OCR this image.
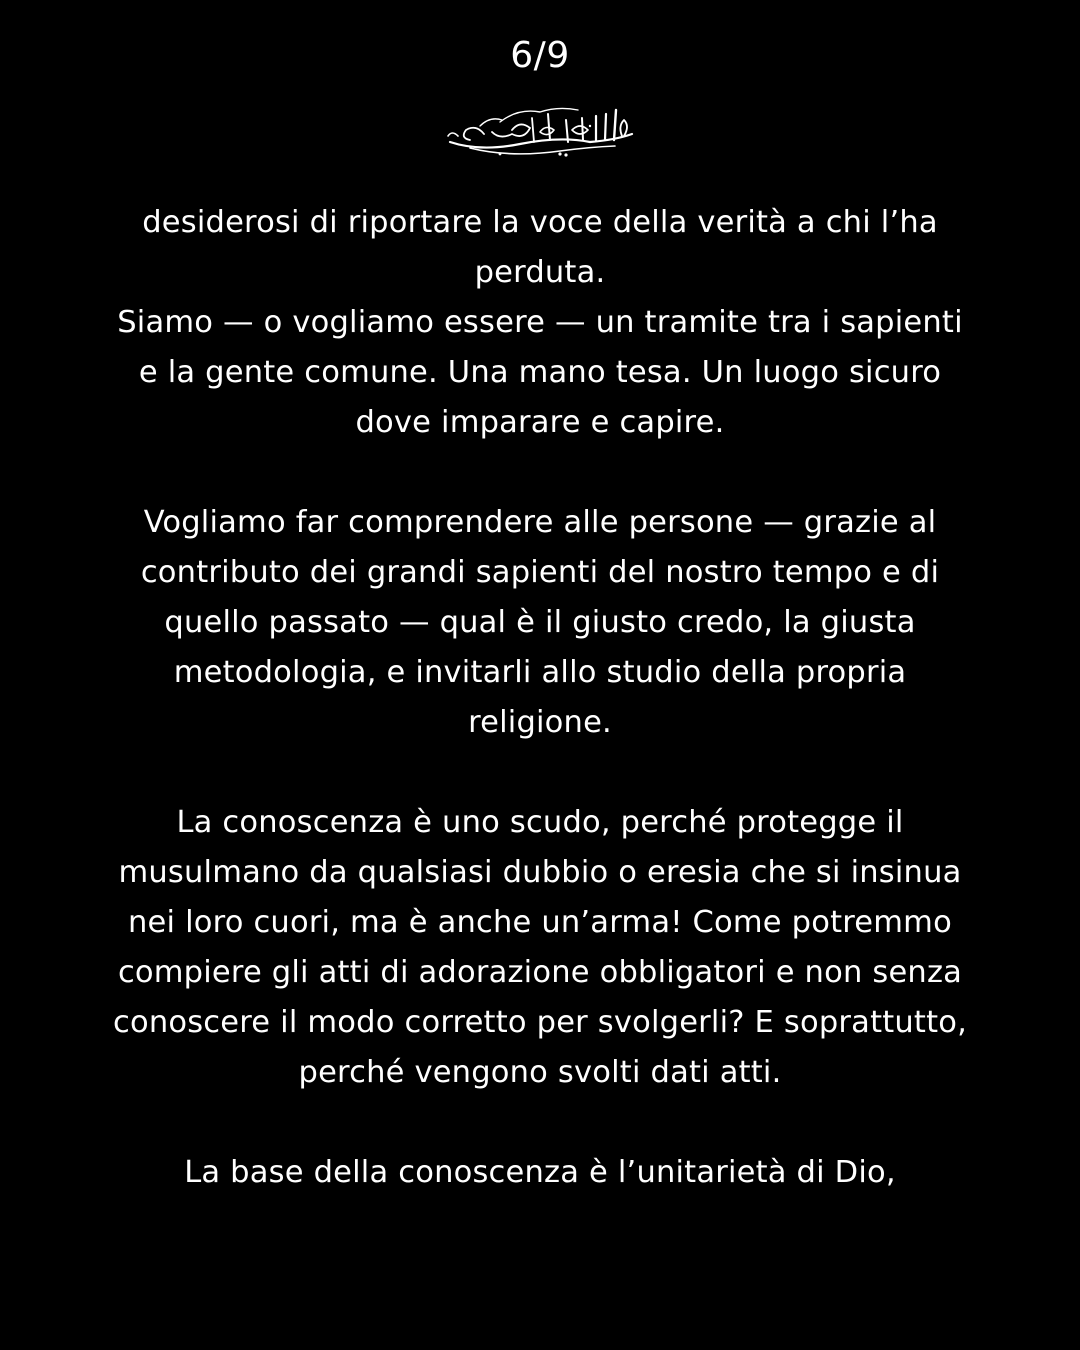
6/9

desiderosi di riportare la voce della verità a chi l’ha
perduta.
Siamo — o vogliamo essere — un tramite tra i sapienti
e la gente comune. Una mano tesa. Un luogo sicuro
dove imparare e capire.

Vogliamo far comprendere alle persone — grazie al
contributo dei grandi sapienti del nostro tempo e di
quello passato — qual è il giusto credo, la giusta
metodologia, e invitarli allo studio della propria
religione.

La conoscenza è uno scudo, perché protegge il
musulmano da qualsiasi dubbio o eresia che si insinua
nei loro cuori, ma è anche un’arma! Come potremmo
compiere gli atti di adorazione obbligatori e non senza
conoscere il modo corretto per svolgerli? E soprattutto,
perché vengono svolti dati atti.

La base della conoscenza è l’unitarietà di Dio,
